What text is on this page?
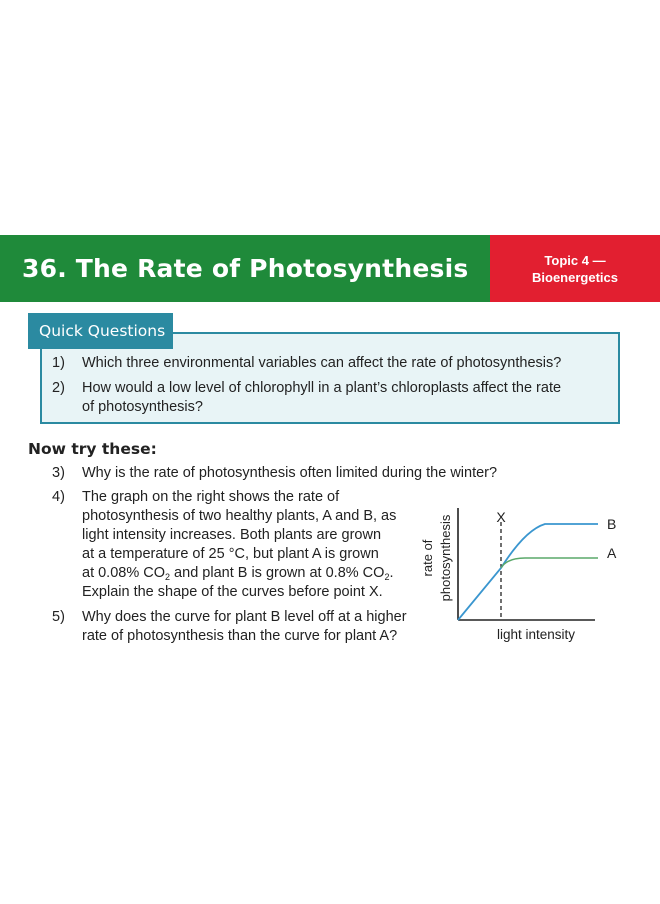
36. The Rate of Photosynthesis	Topic 4 —
Bioenergetics
Quick Questions
1) Which three environmental variables can affect the rate of photosynthesis?
2) How would a low level of chlorophyll in a plant’s chloroplasts affect the rate
of photosynthesis?
Now try these:
3) Why is the rate of photosynthesis often limited during the winter?
4) The graph on the right shows the rate of
photosynthesis of two healthy plants, A and B, as
light intensity increases. Both plants are grown
at a temperature of 25 °C, but plant A is grown
at 0.08% $CO_2$ and plant B is grown at 0.8% $CO_2$.
Explain the shape of the curves before point X.
5) Why does the curve for plant B level off at a higher
rate of photosynthesis than the curve for plant A?
rate of photosynthesis	X	B
A
light intensity
